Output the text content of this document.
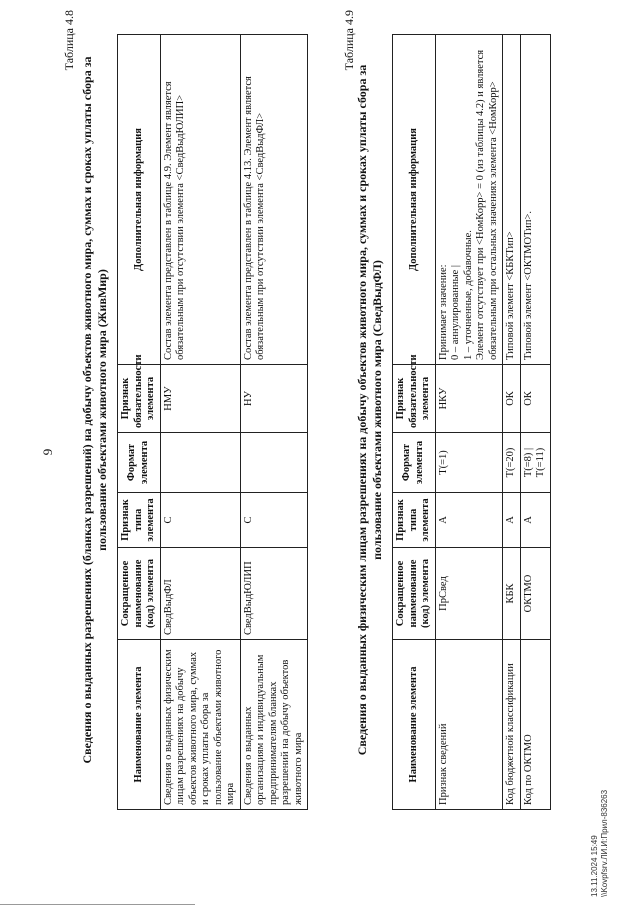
9
Таблица 4.8
Сведения о выданных разрешениях (бланках разрешений) на добычу объектов животного мира, суммах и сроках уплаты сбора за пользование объектами животного мира (ЖивМир)
Наименование элемента	Сокращенное наименование (код) элемента	Признак типа элемента	Формат элемента	Признак обязательности элемента	Дополнительная информация
Сведения о выданных физическим лицам разрешениях на добычу объектов животного мира, суммах и сроках уплаты сбора за пользование объектами животного мира	СведВыдФЛ	С		НМУ	Состав элемента представлен в таблице 4.9. Элемент является обязательным при отсутствии элемента <СведВыдЮЛИП>
Сведения о выданных организациям и индивидуальным предпринимателям бланках разрешений на добычу объектов животного мира	СведВыдЮЛИП	С		НУ	Состав элемента представлен в таблице 4.13. Элемент является обязательным при отсутствии элемента <СведВыдФЛ>
Таблица 4.9
Сведения о выданных физическим лицам разрешениях на добычу объектов животного мира, суммах и сроках уплаты сбора за пользование объектами животного мира (СведВыдФЛ)
Наименование элемента	Сокращенное наименование (код) элемента	Признак типа элемента	Формат элемента	Признак обязательности элемента	Дополнительная информация
Признак сведений	ПрСвед	А	Т(=1)	НКУ	Принимает значение:
0 – аннулированные |
1 – уточненные, добавочные.
Элемент отсутствует при <НомКорр> = 0 (из таблицы 4.2) и является обязательным при остальных значениях элемента <НомКорр>
Код бюджетной классификации	КБК	А	Т(=20)	ОК	Типовой элемент <КБКТип>
Код по ОКТМО	ОКТМО	А	Т(=8) | Т(=11)	ОК	Типовой элемент <ОКТМОТип>.
13.11.2024 15:49 \\Kovpfsrv.ЛИ.И:Прил-836263
